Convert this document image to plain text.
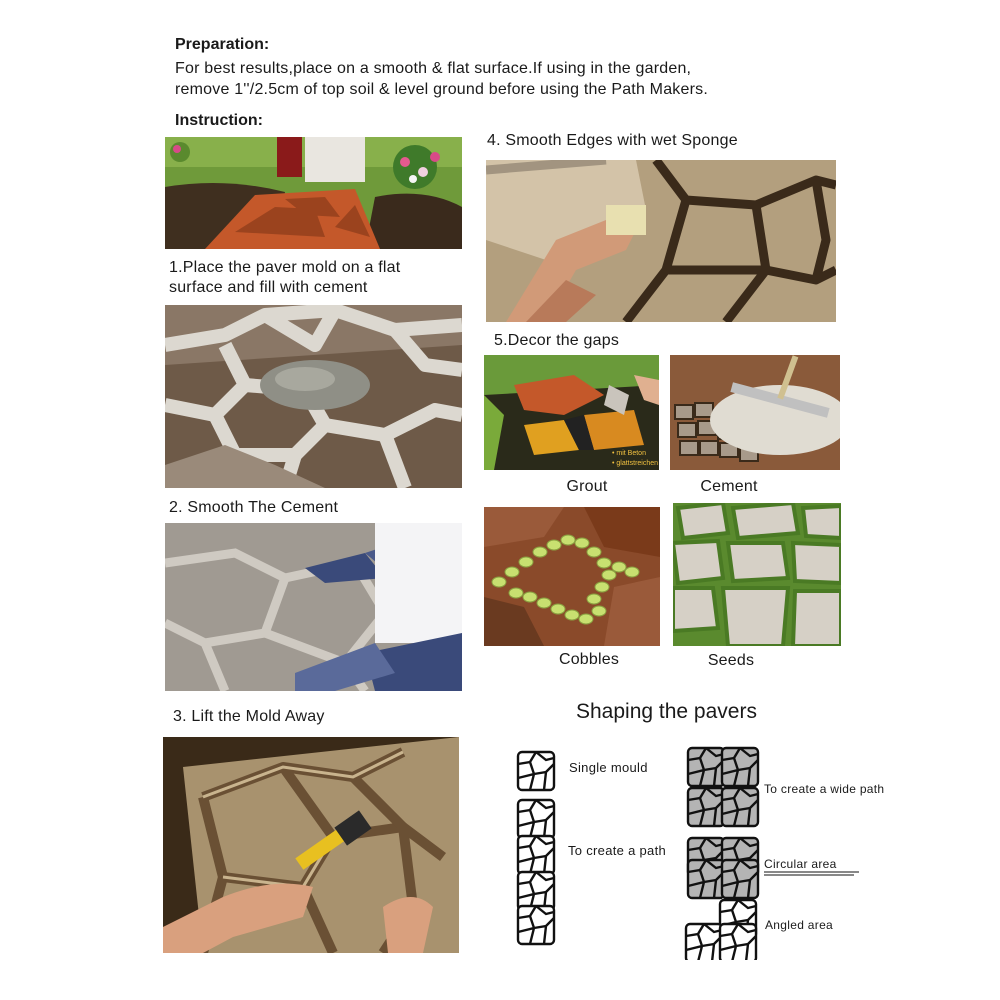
Preparation:
For best results,place on a smooth & flat surface.If using in the garden,
remove 1''/2.5cm of top soil & level ground before using the Path Makers.
Instruction:
1.Place the paver mold on a flat
surface and fill with cement
2. Smooth The Cement
3. Lift the Mold Away
4. Smooth Edges with wet Sponge
5.Decor the gaps
• mit Beton
• glattstreichen
Grout	Cement
Cobbles	Seeds
Shaping the pavers
Single mould
To create a path
To create a wide path
Circular area
Angled area
